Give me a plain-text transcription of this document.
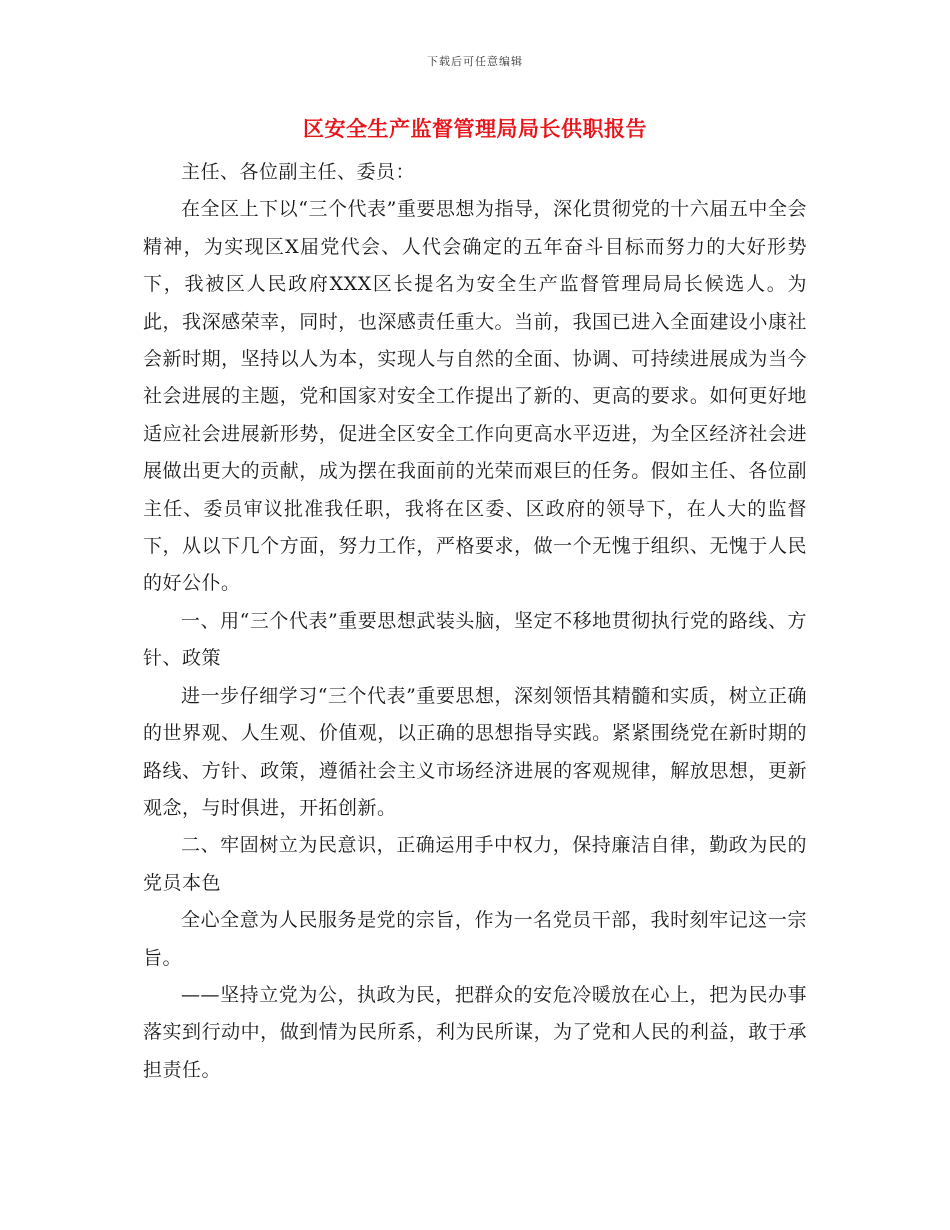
下载后可任意编辑
区安全生产监督管理局局长供职报告

主任、各位副主任、委员：

在全区上下以“三个代表”重要思想为指导，深化贯彻党的十六届五中全会精神，为实现区X届党代会、人代会确定的五年奋斗目标而努力的大好形势下，我被区人民政府XXX区长提名为安全生产监督管理局局长候选人。为此，我深感荣幸，同时，也深感责任重大。当前，我国已进入全面建设小康社会新时期，坚持以人为本，实现人与自然的全面、协调、可持续进展成为当今社会进展的主题，党和国家对安全工作提出了新的、更高的要求。如何更好地适应社会进展新形势，促进全区安全工作向更高水平迈进，为全区经济社会进展做出更大的贡献，成为摆在我面前的光荣而艰巨的任务。假如主任、各位副主任、委员审议批准我任职，我将在区委、区政府的领导下，在人大的监督下，从以下几个方面，努力工作，严格要求，做一个无愧于组织、无愧于人民的好公仆。

一、用“三个代表”重要思想武装头脑，坚定不移地贯彻执行党的路线、方针、政策

进一步仔细学习“三个代表”重要思想，深刻领悟其精髓和实质，树立正确的世界观、人生观、价值观，以正确的思想指导实践。紧紧围绕党在新时期的路线、方针、政策，遵循社会主义市场经济进展的客观规律，解放思想，更新观念，与时俱进，开拓创新。

二、牢固树立为民意识，正确运用手中权力，保持廉洁自律，勤政为民的党员本色

全心全意为人民服务是党的宗旨，作为一名党员干部，我时刻牢记这一宗旨。

——坚持立党为公，执政为民，把群众的安危冷暖放在心上，把为民办事落实到行动中，做到情为民所系，利为民所谋，为了党和人民的利益，敢于承担责任。
